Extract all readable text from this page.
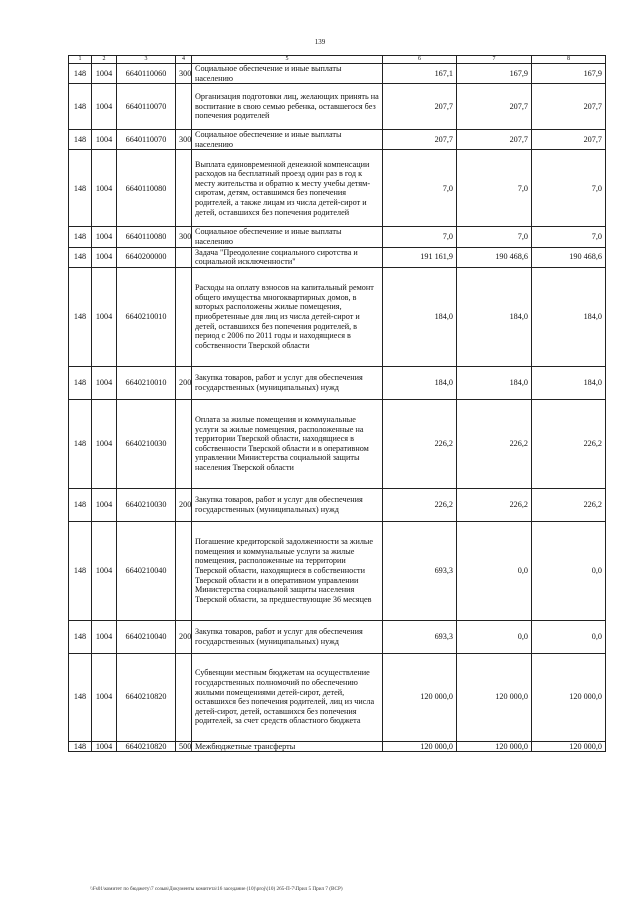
139
1	2	3	4	5	6	7	8
148	1004	6640110060	300	Социальное обеспечение и иные выплаты населению	167,1	167,9	167,9
148	1004	6640110070		Организация подготовки лиц, желающих принять на воспитание в свою семью ребенка, оставшегося без попечения родителей	207,7	207,7	207,7
148	1004	6640110070	300	Социальное обеспечение и иные выплаты населению	207,7	207,7	207,7
148	1004	6640110080		Выплата единовременной денежной компенсации расходов на бесплатный проезд один раз в год к месту жительства и обратно к месту учебы детям-сиротам, детям, оставшимся без попечения родителей, а также лицам из числа детей-сирот и детей, оставшихся без попечения родителей	7,0	7,0	7,0
148	1004	6640110080	300	Социальное обеспечение и иные выплаты населению	7,0	7,0	7,0
148	1004	6640200000		Задача "Преодоление социального сиротства и социальной исключенности"	191 161,9	190 468,6	190 468,6
148	1004	6640210010		Расходы на оплату взносов на капитальный ремонт общего имущества многоквартирных домов, в которых расположены жилые помещения, приобретенные для лиц из числа детей-сирот и детей, оставшихся без попечения родителей, в период с 2006 по 2011 годы и находящиеся в собственности Тверской области	184,0	184,0	184,0
148	1004	6640210010	200	Закупка товаров, работ и услуг для обеспечения государственных (муниципальных) нужд	184,0	184,0	184,0
148	1004	6640210030		Оплата за жилые помещения и коммунальные услуги за жилые помещения, расположенные на территории Тверской области, находящиеся в собственности Тверской области и в оперативном управлении Министерства социальной защиты населения Тверской области	226,2	226,2	226,2
148	1004	6640210030	200	Закупка товаров, работ и услуг для обеспечения государственных (муниципальных) нужд	226,2	226,2	226,2
148	1004	6640210040		Погашение кредиторской задолженности за жилые помещения и коммунальные услуги за жилые помещения, расположенные на территории Тверской области, находящиеся в собственности Тверской области и в оперативном управлении Министерства социальной защиты населения Тверской области, за предшествующие 36 месяцев	693,3	0,0	0,0
148	1004	6640210040	200	Закупка товаров, работ и услуг для обеспечения государственных (муниципальных) нужд	693,3	0,0	0,0
148	1004	6640210820		Субвенции местным бюджетам на осуществление государственных полномочий по обеспечению жилыми помещениями детей-сирот, детей, оставшихся без попечения родителей, лиц из числа детей-сирот, детей, оставшихся без попечения родителей, за счет средств областного бюджета	120 000,0	120 000,0	120 000,0
148	1004	6640210820	500	Межбюджетные трансферты	120 000,0	120 000,0	120 000,0
\\Fs01\комитет по бюджету\7 созыв\Документы комитета\16 заседание (10)\proj\(10) 265-П-7\Прил 5 Прил 7 (ВСР)
